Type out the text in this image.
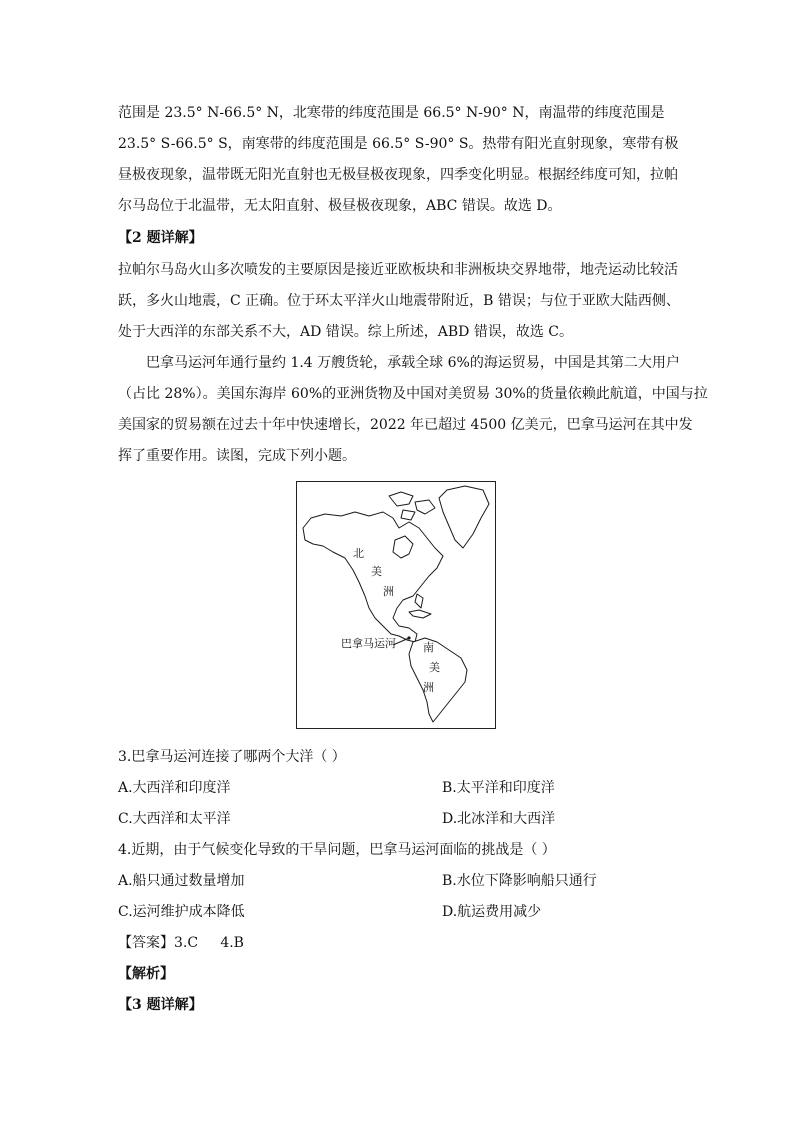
范围是 23.5° N-66.5° N，北寒带的纬度范围是 66.5° N-90° N，南温带的纬度范围是
23.5° S-66.5° S，南寒带的纬度范围是 66.5° S-90° S。热带有阳光直射现象，寒带有极
昼极夜现象，温带既无阳光直射也无极昼极夜现象，四季变化明显。根据经纬度可知，拉帕
尔马岛位于北温带，无太阳直射、极昼极夜现象，ABC 错误。故选 D。
【2 题详解】
拉帕尔马岛火山多次喷发的主要原因是接近亚欧板块和非洲板块交界地带，地壳运动比较活
跃，多火山地震，C 正确。位于环太平洋火山地震带附近，B 错误；与位于亚欧大陆西侧、
处于大西洋的东部关系不大，AD 错误。综上所述，ABD 错误，故选 C。
巴拿马运河年通行量约 1.4 万艘货轮，承载全球 6%的海运贸易，中国是其第二大用户
（占比 28%）。美国东海岸 60%的亚洲货物及中国对美贸易 30%的货量依赖此航道，中国与拉
美国家的贸易额在过去十年中快速增长，2022 年已超过 4500 亿美元，巴拿马运河在其中发
挥了重要作用。读图，完成下列小题。
北
美
洲
巴拿马运河 南
美
洲
3.巴拿马运河连接了哪两个大洋（ ）
A.大西洋和印度洋	B.太平洋和印度洋
C.大西洋和太平洋	D.北冰洋和大西洋
4.近期，由于气候变化导致的干旱问题，巴拿马运河面临的挑战是（ ）
A.船只通过数量增加	B.水位下降影响船只通行
C.运河维护成本降低	D.航运费用减少
【答案】3.C     4.B
【解析】
【3 题详解】
